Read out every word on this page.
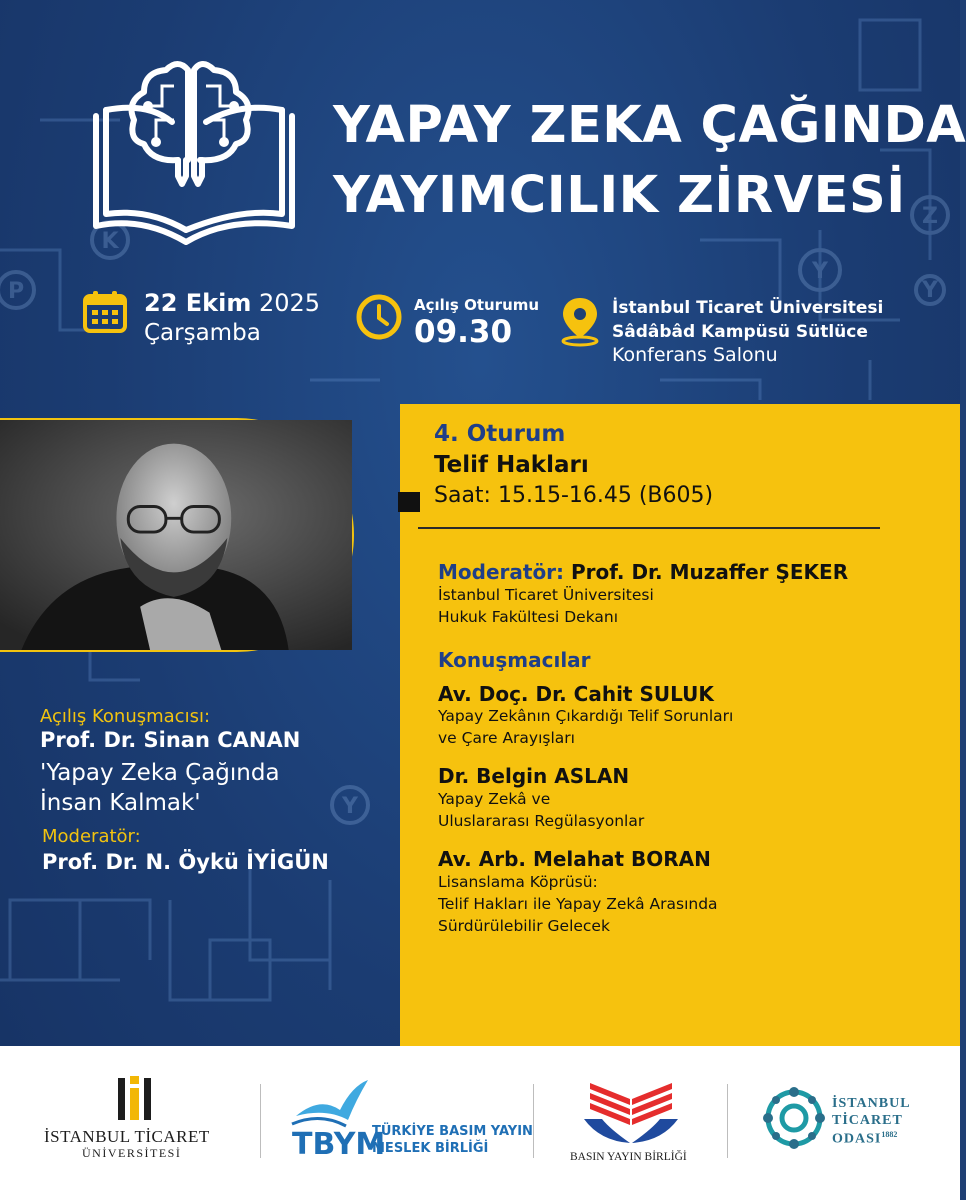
K
P
Y
Z
Y
Y
YAPAY ZEKA ÇAĞINDA
YAYIMCILIK ZİRVESİ
22 Ekim 2025
Çarşamba
Açılış Oturumu
09.30
İstanbul Ticaret Üniversitesi
Sâdâbâd Kampüsü Sütlüce
Konferans Salonu
Açılış Konuşmacısı:
Prof. Dr. Sinan CANAN
'Yapay Zeka Çağında
İnsan Kalmak'
Moderatör:
Prof. Dr. N. Öykü İYİGÜN
4. Oturum
Telif Hakları
Saat: 15.15-16.45 (B605)
Moderatör: Prof. Dr. Muzaffer ŞEKER
İstanbul Ticaret Üniversitesi
Hukuk Fakültesi Dekanı
Konuşmacılar
Av. Doç. Dr. Cahit SULUK
Yapay Zekânın Çıkardığı Telif Sorunları
ve Çare Arayışları
Dr. Belgin ASLAN
Yapay Zekâ ve
Uluslararası Regülasyonlar
Av. Arb. Melahat BORAN
Lisanslama Köprüsü:
Telif Hakları ile Yapay Zekâ Arasında
Sürdürülebilir Gelecek
İSTANBUL TİCARET
ÜNİVERSİTESİ	TBYM
TÜRKİYE BASIM YAYIN
MESLEK BİRLİĞİ
BASIN YAYIN BİRLİĞİ
İSTANBUL
TİCARET
$ODASI^{1882}$
